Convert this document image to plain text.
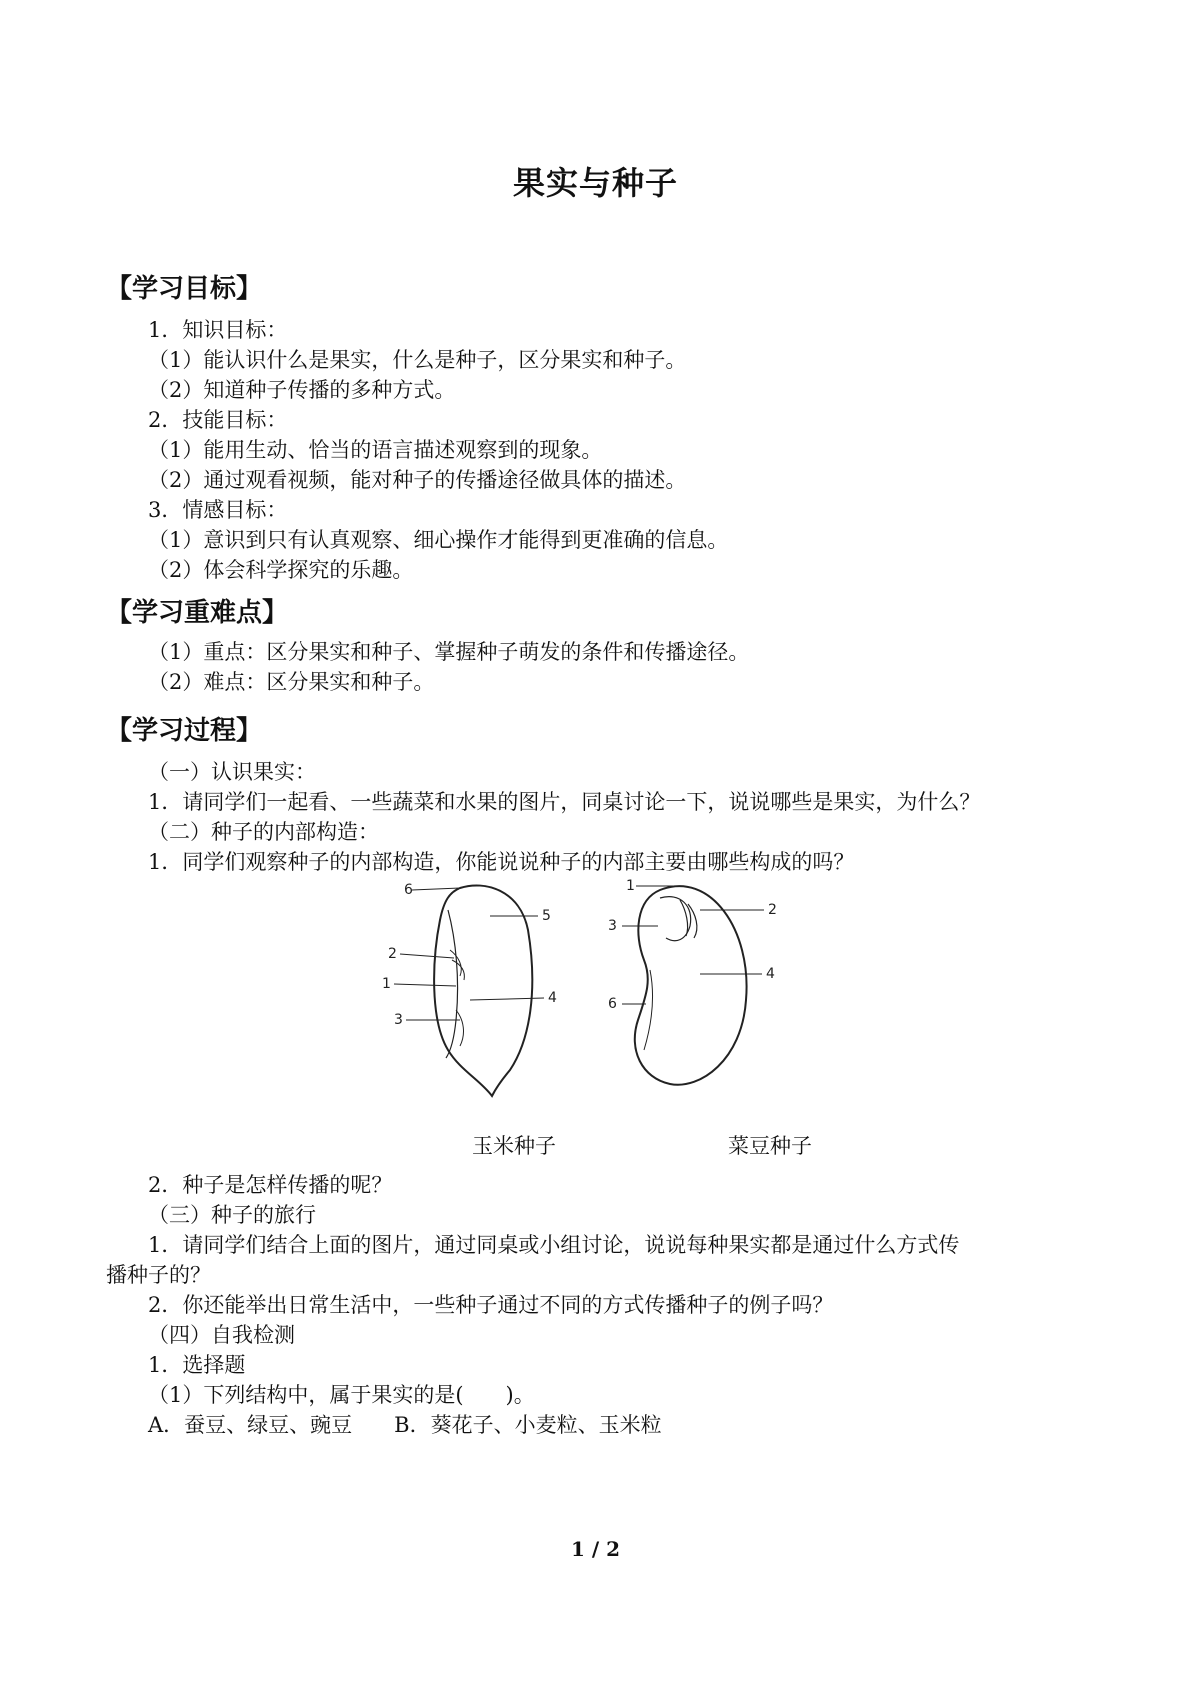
果实与种子
【学习目标】
1．知识目标：
（1）能认识什么是果实，什么是种子，区分果实和种子。
（2）知道种子传播的多种方式。
2．技能目标：
（1）能用生动、恰当的语言描述观察到的现象。
（2）通过观看视频，能对种子的传播途径做具体的描述。
3．情感目标：
（1）意识到只有认真观察、细心操作才能得到更准确的信息。
（2）体会科学探究的乐趣。
【学习重难点】
（1）重点：区分果实和种子、掌握种子萌发的条件和传播途径。
（2）难点：区分果实和种子。
【学习过程】
（一）认识果实：
1．请同学们一起看、一些蔬菜和水果的图片，同桌讨论一下，说说哪些是果实，为什么？
（二）种子的内部构造：
1．同学们观察种子的内部构造，你能说说种子的内部主要由哪些构成的吗？
6
5
2
1
4
3
1
2
3
4
6
玉米种子	菜豆种子
2．种子是怎样传播的呢？
（三）种子的旅行
1．请同学们结合上面的图片，通过同桌或小组讨论，说说每种果实都是通过什么方式传
播种子的？
2．你还能举出日常生活中，一些种子通过不同的方式传播种子的例子吗？
（四）自我检测
1．选择题
（1）下列结构中，属于果实的是(　　)。
A．蚕豆、绿豆、豌豆　　B．葵花子、小麦粒、玉米粒
1 / 2
